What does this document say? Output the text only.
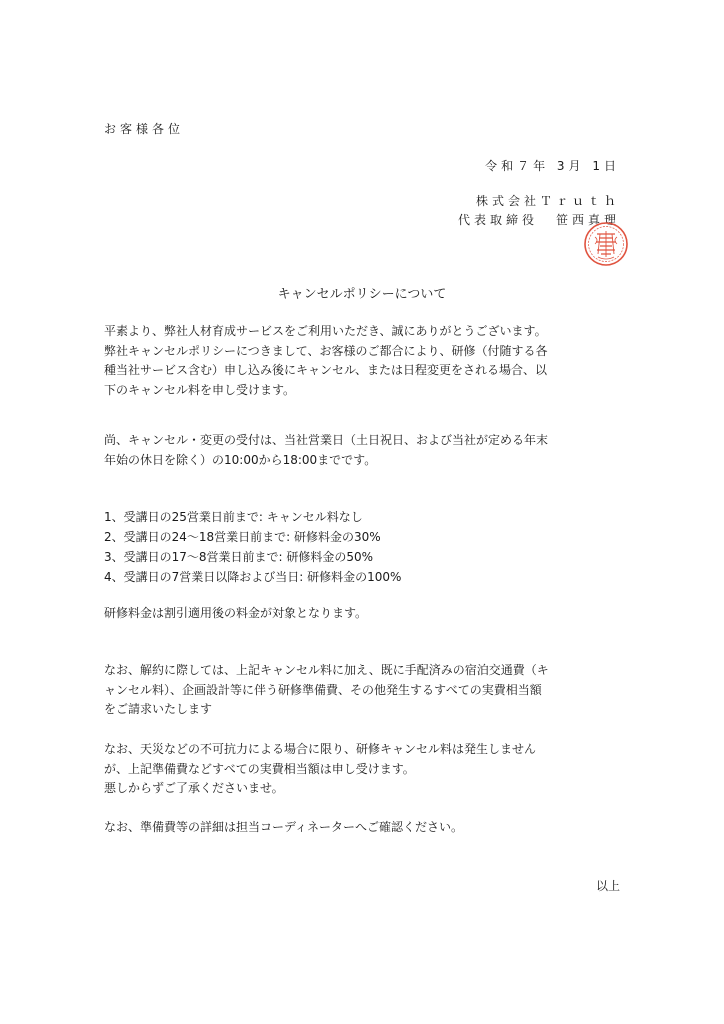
お客様各位
令和７年 3月 1日
株式会社Ｔｒｕｔｈ
代表取締役 笹西真理
キャンセルポリシーについて
平素より、弊社人材育成サービスをご利用いただき、誠にありがとうございます。
弊社キャンセルポリシーにつきまして、お客様のご都合により、研修（付随する各
種当社サービス含む）申し込み後にキャンセル、または日程変更をされる場合、以
下のキャンセル料を申し受けます。
尚、キャンセル・変更の受付は、当社営業日（土日祝日、および当社が定める年末
年始の休日を除く）の10:00から18:00までです。
1、受講日の25営業日前まで: キャンセル料なし
2、受講日の24～18営業日前まで: 研修料金の30%
3、受講日の17～8営業日前まで: 研修料金の50%
4、受講日の7営業日以降および当日: 研修料金の100%
研修料金は割引適用後の料金が対象となります。
なお、解約に際しては、上記キャンセル料に加え、既に手配済みの宿泊交通費（キ
ャンセル料）、企画設計等に伴う研修準備費、その他発生するすべての実費相当額
をご請求いたします
なお、天災などの不可抗力による場合に限り、研修キャンセル料は発生しません
が、上記準備費などすべての実費相当額は申し受けます。
悪しからずご了承くださいませ。
なお、準備費等の詳細は担当コーディネーターへご確認ください。
以上
